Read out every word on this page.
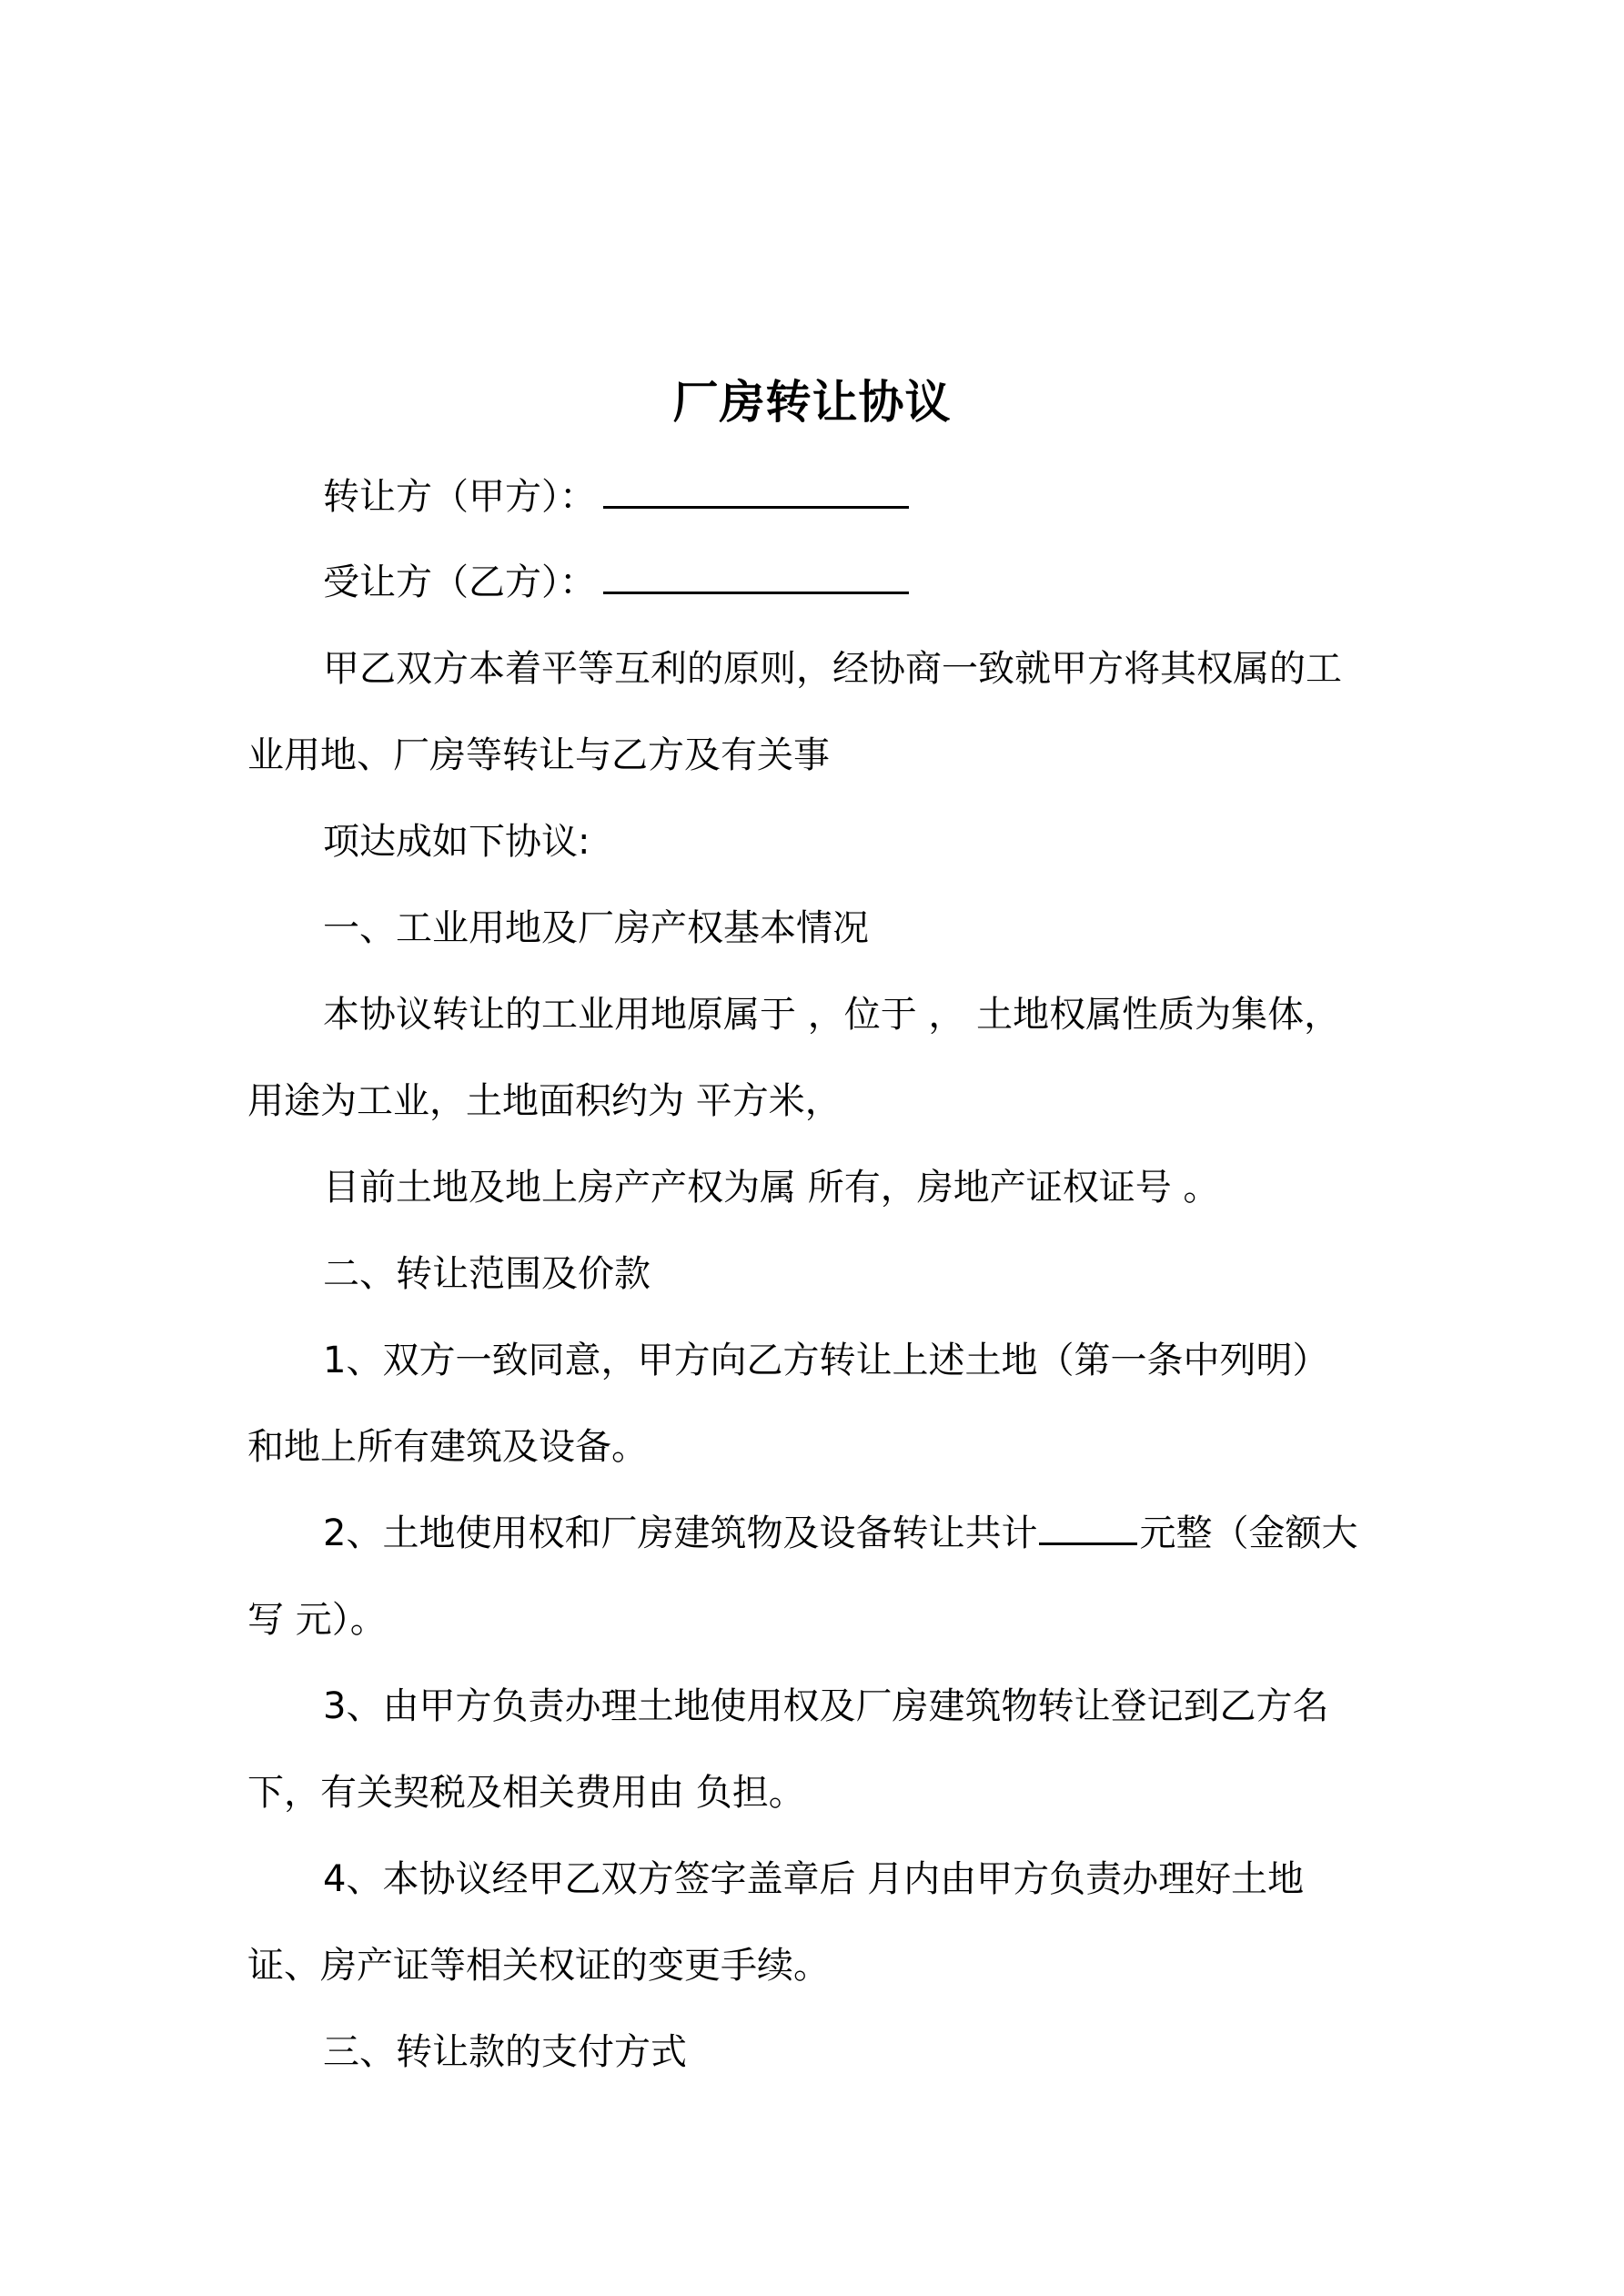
厂房转让协议
转让方（甲方）：
受让方（乙方）：
甲乙双方本着平等互利的原则，经协商一致就甲方将其权属的工
业用地、厂房等转让与乙方及有关事
项达成如下协议:
一、工业用地及厂房产权基本情况
本协议转让的工业用地原属于 ，位于 ， 土地权属性质为集体，
用途为工业，土地面积约为 平方米，
目前土地及地上房产产权为属 所有，房地产证权证号 。
二、转让范围及价款
1、双方一致同意，甲方向乙方转让上述土地（第一条中列明）
和地上所有建筑及设备。
2、土地使用权和厂房建筑物及设备转让共计	元整（金额大
写 元）。
3、由甲方负责办理土地使用权及厂房建筑物转让登记到乙方名
下，有关契税及相关费用由 负担。
4、本协议经甲乙双方签字盖章后 月内由甲方负责办理好土地
证、房产证等相关权证的变更手续。
三、转让款的支付方式
